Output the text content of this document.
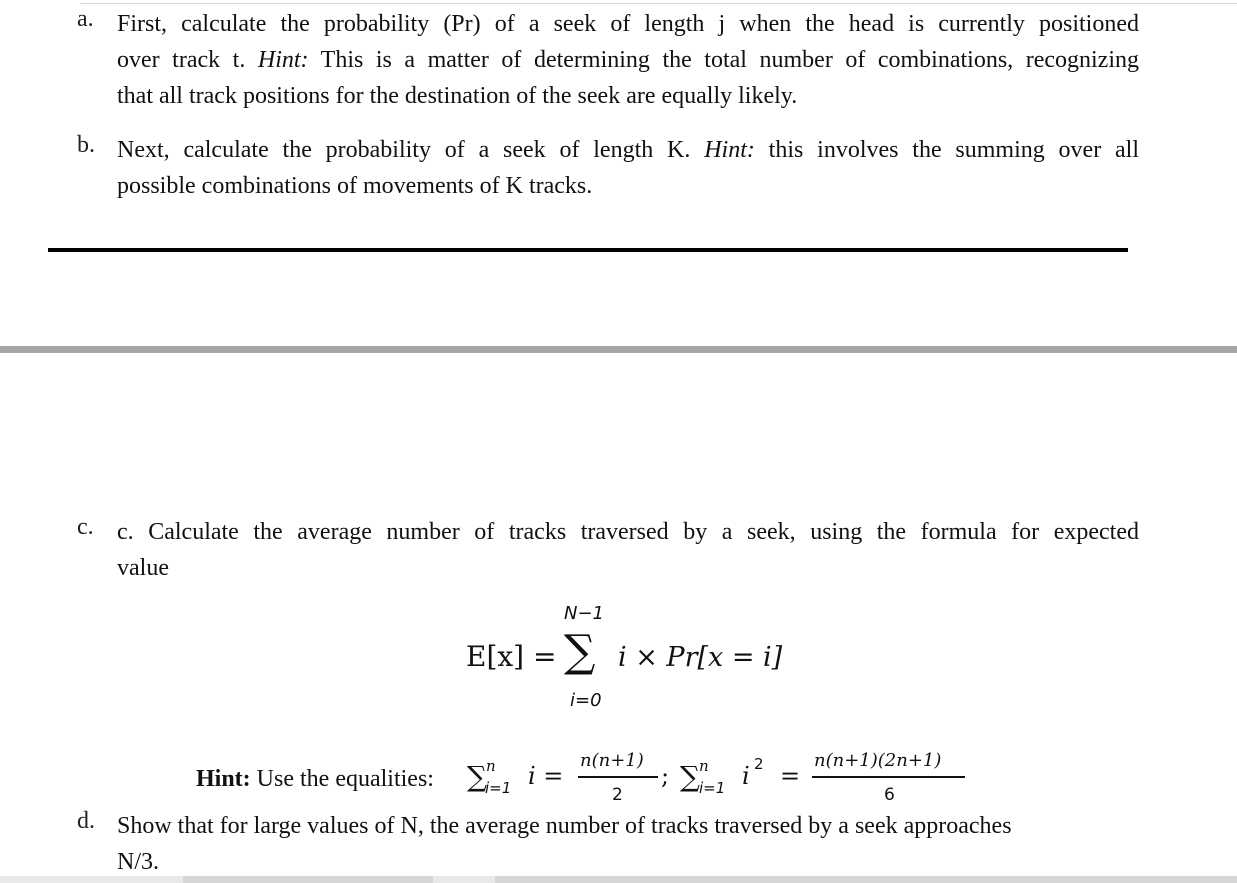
a. First, calculate the probability (Pr) of a seek of length j when the head is currently positioned
over track t. Hint: This is a matter of determining the total number of combinations, recognizing
that all track positions for the destination of the seek are equally likely.
b. Next, calculate the probability of a seek of length K. Hint: this involves the summing over all
possible combinations of movements of K tracks.
c. c. Calculate the average number of tracks traversed by a seek, using the formula for expected
value
E[x] =
N−1
∑
i=0
i × Pr[x = i]
Hint: Use the equalities: ∑ n
i=1 i =
n(n+1)
2
; ∑ n
i=1 i 2 =
n(n+1)(2n+1)
6
d. Show that for large values of N, the average number of tracks traversed by a seek approaches
N/3.
